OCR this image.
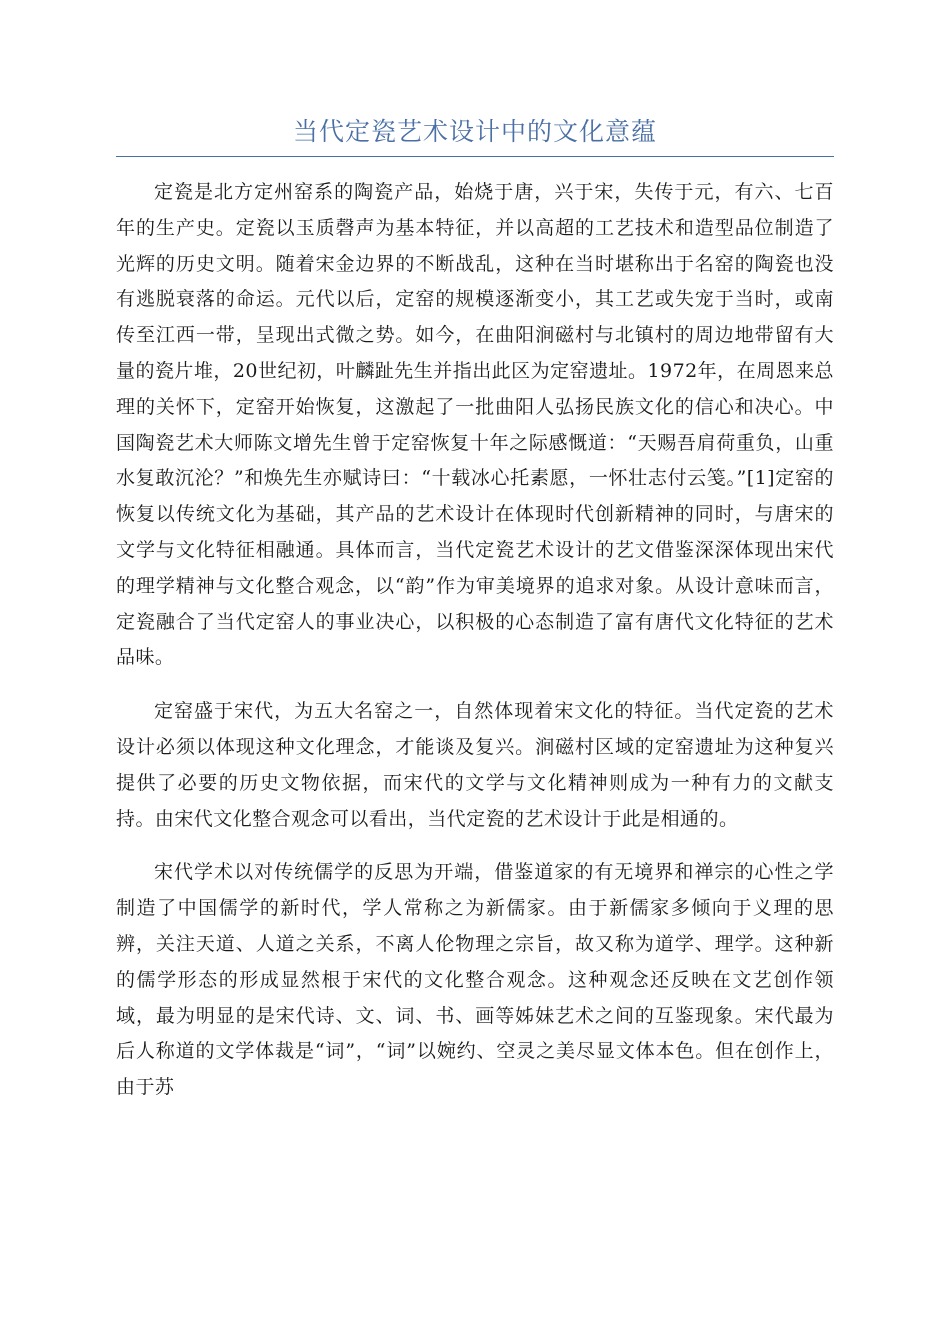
当代定瓷艺术设计中的文化意蕴

定瓷是北方定州窑系的陶瓷产品，始烧于唐，兴于宋，失传于元，有六、七百年的生产史。定瓷以玉质磬声为基本特征，并以高超的工艺技术和造型品位制造了光辉的历史文明。随着宋金边界的不断战乱，这种在当时堪称出于名窑的陶瓷也没有逃脱衰落的命运。元代以后，定窑的规模逐渐变小，其工艺或失宠于当时，或南传至江西一带，呈现出式微之势。如今，在曲阳涧磁村与北镇村的周边地带留有大量的瓷片堆，20世纪初，叶麟趾先生并指出此区为定窑遗址。1972年，在周恩来总理的关怀下，定窑开始恢复，这激起了一批曲阳人弘扬民族文化的信心和决心。中国陶瓷艺术大师陈文增先生曾于定窑恢复十年之际感慨道：“天赐吾肩荷重负，山重水复敢沉沦？”和焕先生亦赋诗曰：“十载冰心托素愿，一怀壮志付云笺。”[1]定窑的恢复以传统文化为基础，其产品的艺术设计在体现时代创新精神的同时，与唐宋的文学与文化特征相融通。具体而言，当代定瓷艺术设计的艺文借鉴深深体现出宋代的理学精神与文化整合观念，以“韵”作为审美境界的追求对象。从设计意味而言，定瓷融合了当代定窑人的事业决心，以积极的心态制造了富有唐代文化特征的艺术品味。

定窑盛于宋代，为五大名窑之一，自然体现着宋文化的特征。当代定瓷的艺术设计必须以体现这种文化理念，才能谈及复兴。涧磁村区域的定窑遗址为这种复兴提供了必要的历史文物依据，而宋代的文学与文化精神则成为一种有力的文献支持。由宋代文化整合观念可以看出，当代定瓷的艺术设计于此是相通的。

宋代学术以对传统儒学的反思为开端，借鉴道家的有无境界和禅宗的心性之学制造了中国儒学的新时代，学人常称之为新儒家。由于新儒家多倾向于义理的思辨，关注天道、人道之关系，不离人伦物理之宗旨，故又称为道学、理学。这种新的儒学形态的形成显然根于宋代的文化整合观念。这种观念还反映在文艺创作领域，最为明显的是宋代诗、文、词、书、画等姊妹艺术之间的互鉴现象。宋代最为后人称道的文学体裁是“词”，“词”以婉约、空灵之美尽显文体本色。但在创作上，由于苏
